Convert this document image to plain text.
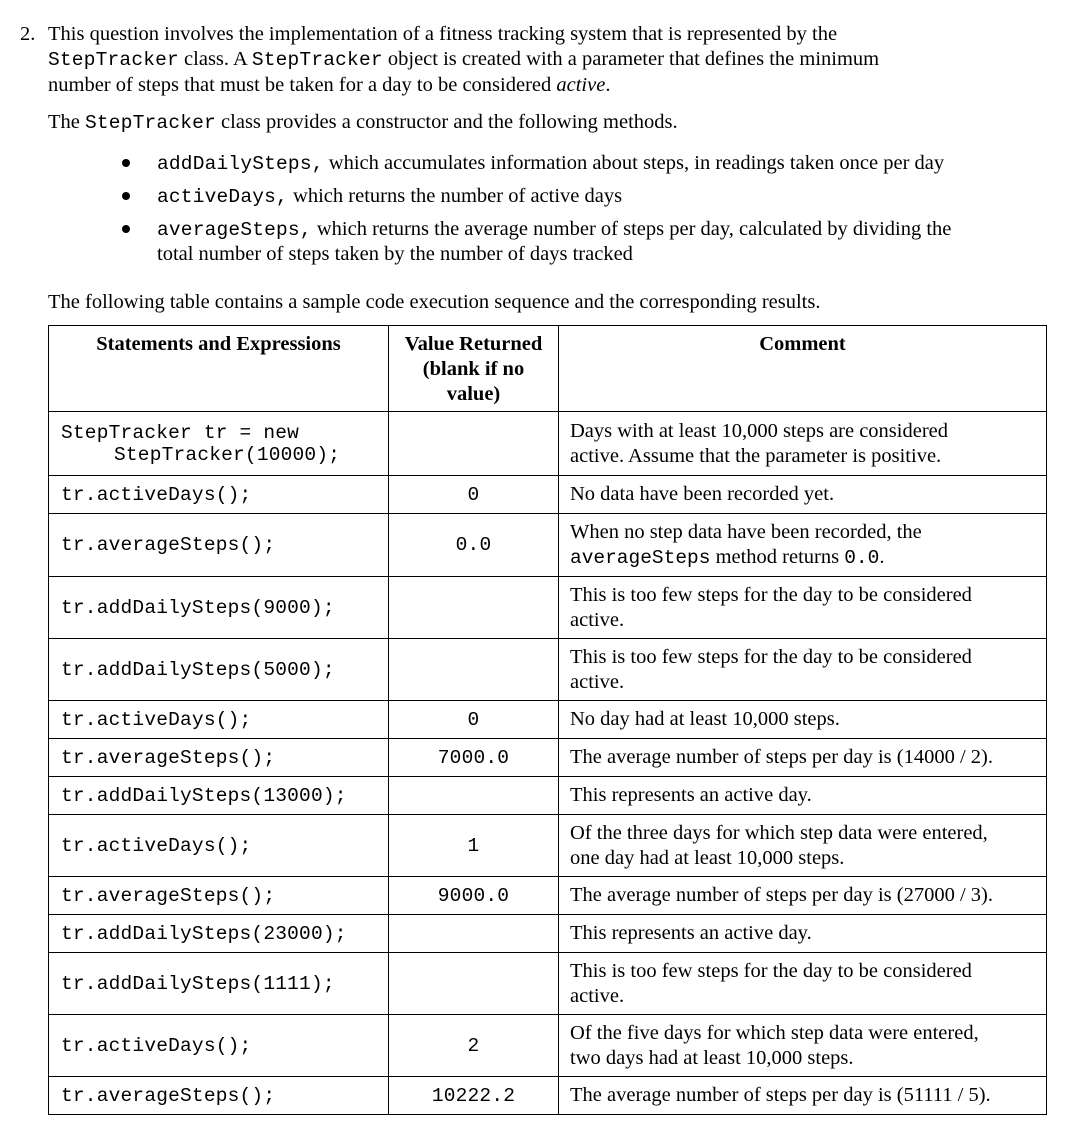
2. This question involves the implementation of a fitness tracking system that is represented by the
StepTracker class. A StepTracker object is created with a parameter that defines the minimum
number of steps that must be taken for a day to be considered active.
The StepTracker class provides a constructor and the following methods.
addDailySteps, which accumulates information about steps, in readings taken once per day
activeDays, which returns the number of active days
averageSteps, which returns the average number of steps per day, calculated by dividing the
total number of steps taken by the number of days tracked
The following table contains a sample code execution sequence and the corresponding results.
Statements and Expressions	Value Returned
(blank if no
value)	Comment
StepTracker tr = new
StepTracker(10000);		Days with at least 10,000 steps are considered
active. Assume that the parameter is positive.
tr.activeDays();	0	No data have been recorded yet.
tr.averageSteps();	0.0	When no step data have been recorded, the
averageSteps method returns 0.0.
tr.addDailySteps(9000);		This is too few steps for the day to be considered
active.
tr.addDailySteps(5000);		This is too few steps for the day to be considered
active.
tr.activeDays();	0	No day had at least 10,000 steps.
tr.averageSteps();	7000.0	The average number of steps per day is (14000 / 2).
tr.addDailySteps(13000);		This represents an active day.
tr.activeDays();	1	Of the three days for which step data were entered,
one day had at least 10,000 steps.
tr.averageSteps();	9000.0	The average number of steps per day is (27000 / 3).
tr.addDailySteps(23000);		This represents an active day.
tr.addDailySteps(1111);		This is too few steps for the day to be considered
active.
tr.activeDays();	2	Of the five days for which step data were entered,
two days had at least 10,000 steps.
tr.averageSteps();	10222.2	The average number of steps per day is (51111 / 5).
